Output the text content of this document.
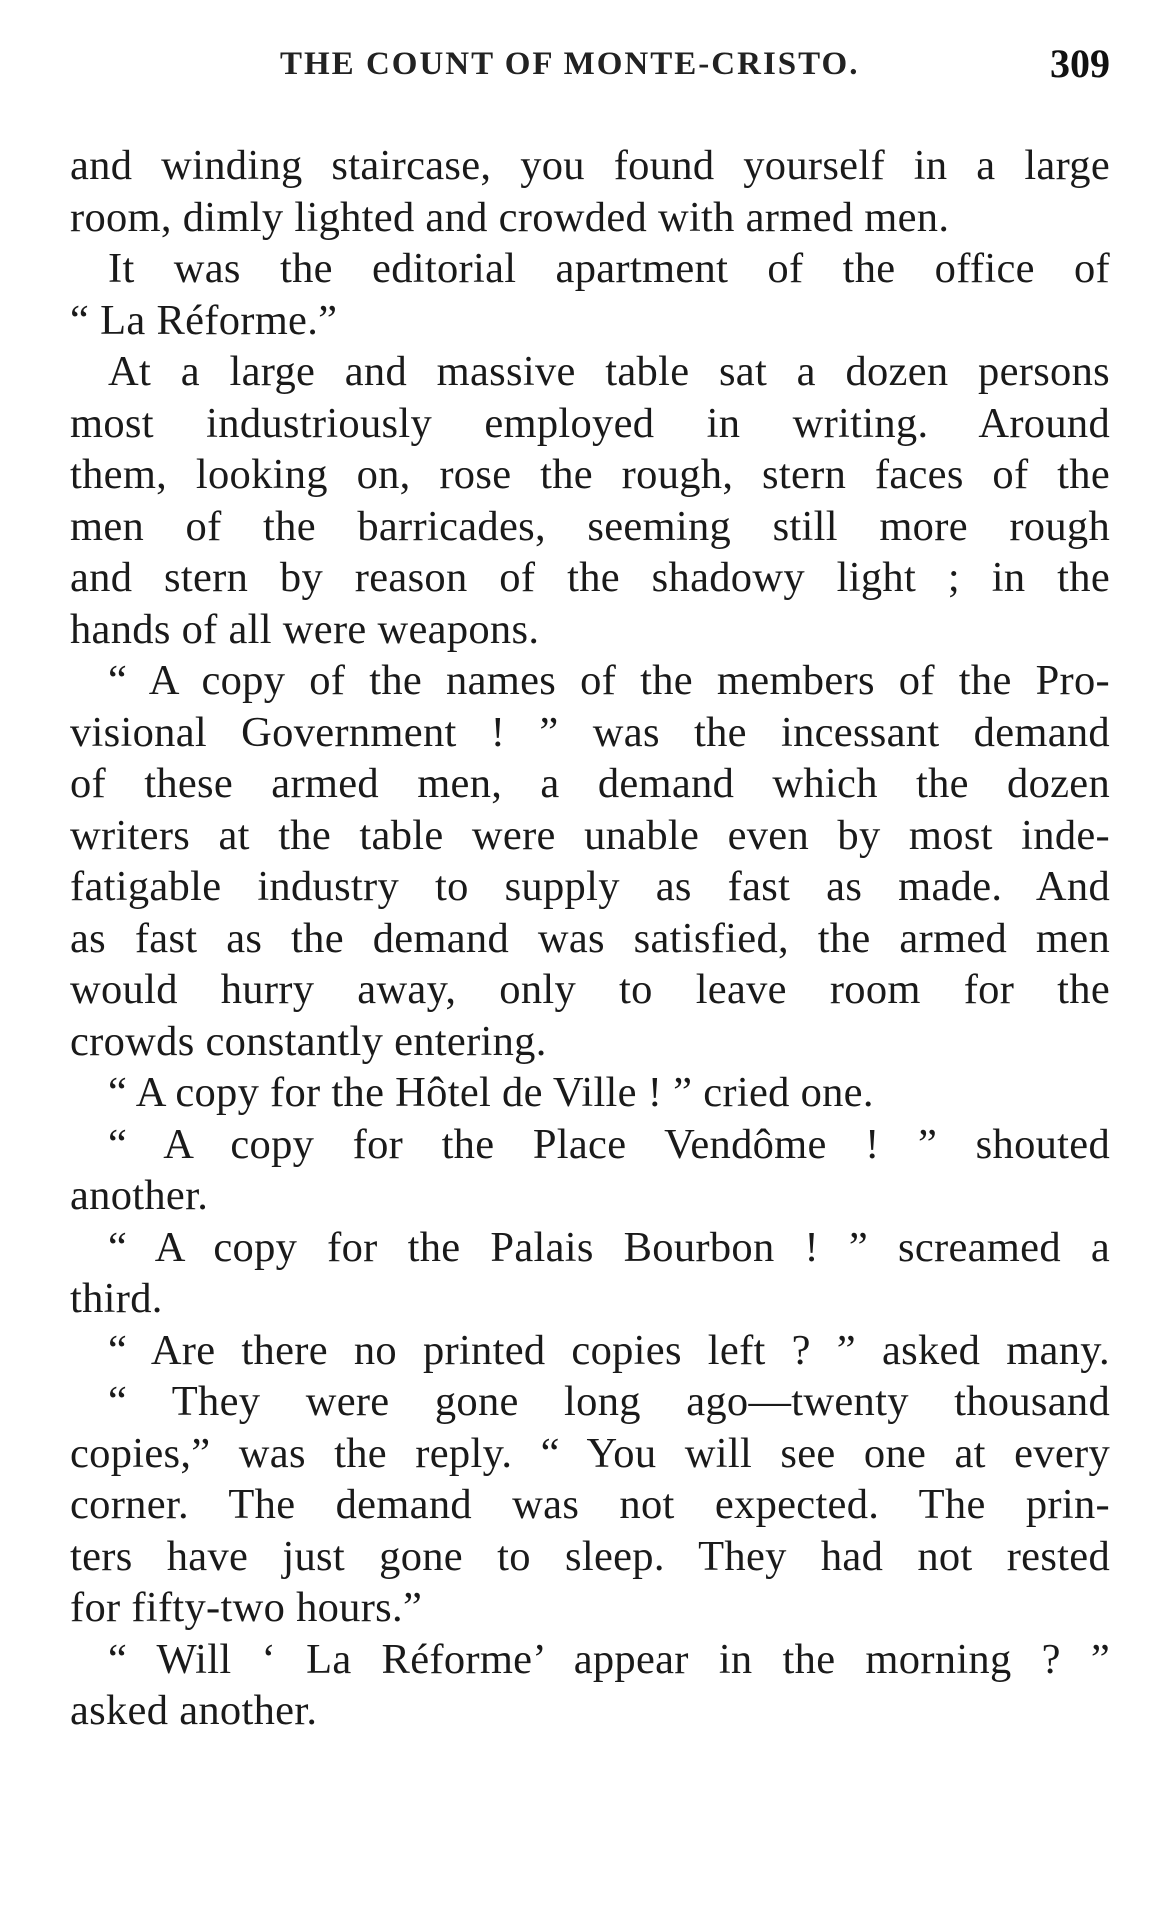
THE COUNT OF MONTE-CRISTO.	309
and winding staircase, you found yourself in a large
room, dimly lighted and crowded with armed men.
It was the editorial apartment of the office of
“ La Réforme.”
At a large and massive table sat a dozen persons
most industriously employed in writing. Around
them, looking on, rose the rough, stern faces of the
men of the barricades, seeming still more rough
and stern by reason of the shadowy light ; in the
hands of all were weapons.
“ A copy of the names of the members of the Pro-
visional Government ! ” was the incessant demand
of these armed men, a demand which the dozen
writers at the table were unable even by most inde-
fatigable industry to supply as fast as made. And
as fast as the demand was satisfied, the armed men
would hurry away, only to leave room for the
crowds constantly entering.
“ A copy for the Hôtel de Ville ! ” cried one.
“ A copy for the Place Vendôme ! ” shouted
another.
“ A copy for the Palais Bourbon ! ” screamed a
third.
“ Are there no printed copies left ? ” asked many.
“ They were gone long ago—twenty thousand
copies,” was the reply. “ You will see one at every
corner. The demand was not expected. The prin-
ters have just gone to sleep. They had not rested
for fifty-two hours.”
“ Will ‘ La Réforme’ appear in the morning ? ”
asked another.
